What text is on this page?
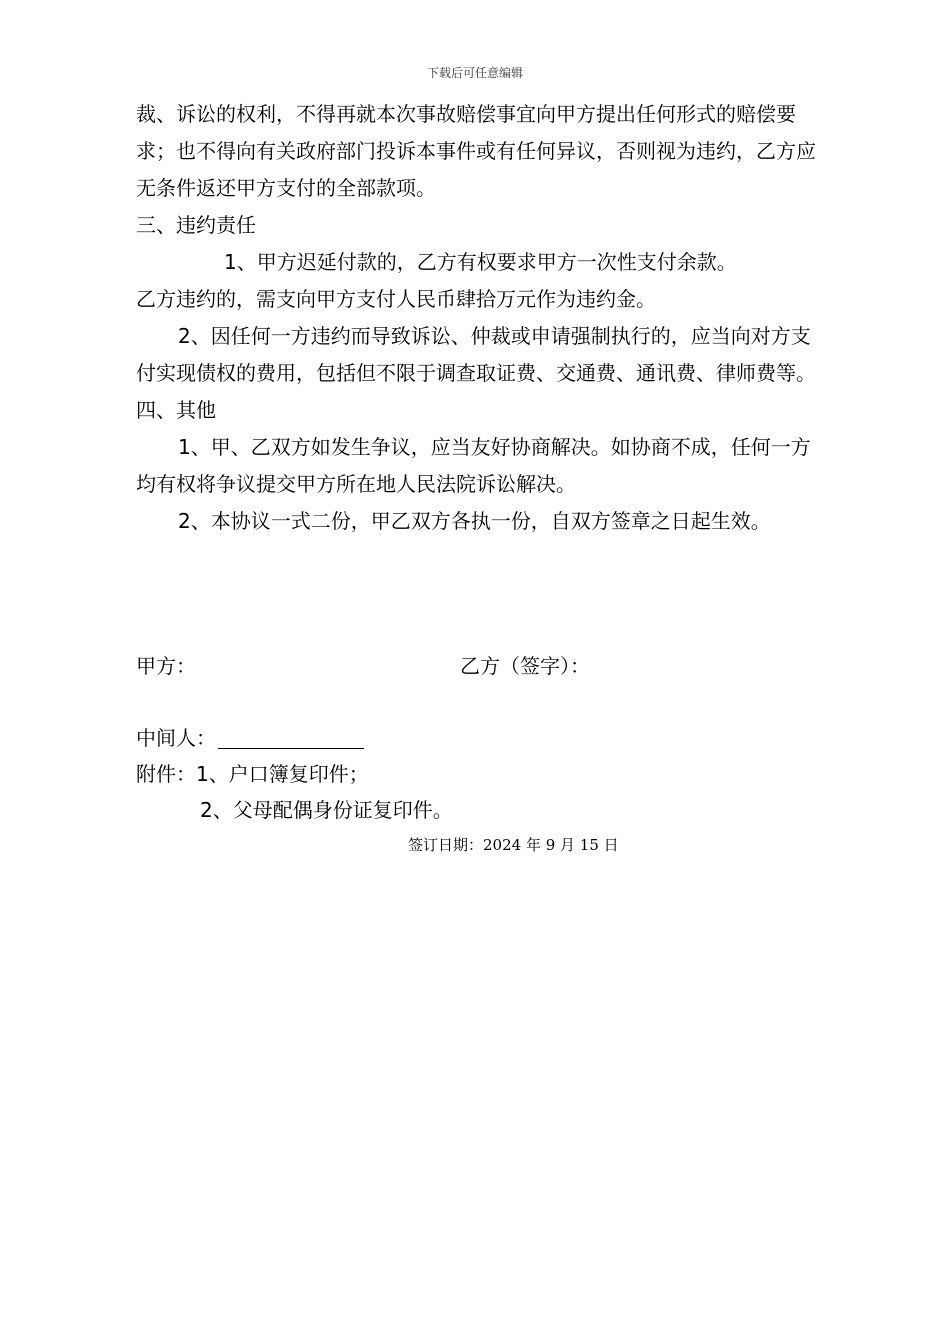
下载后可任意编辑

裁、诉讼的权利，不得再就本次事故赔偿事宜向甲方提出任何形式的赔偿要求；也不得向有关政府部门投诉本事件或有任何异议，否则视为违约，乙方应无条件返还甲方支付的全部款项。

三、违约责任

1、甲方迟延付款的，乙方有权要求甲方一次性支付余款。

乙方违约的，需支向甲方支付人民币肆拾万元作为违约金。

2、因任何一方违约而导致诉讼、仲裁或申请强制执行的，应当向对方支付实现债权的费用，包括但不限于调查取证费、交通费、通讯费、律师费等。

四、其他

1、甲、乙双方如发生争议，应当友好协商解决。如协商不成，任何一方均有权将争议提交甲方所在地人民法院诉讼解决。

2、本协议一式二份，甲乙双方各执一份，自双方签章之日起生效。

甲方：	乙方（签字）：
中间人：
附件：1、户口簿复印件；
2、父母配偶身份证复印件。
签订日期：2024 年 9 月 15 日
